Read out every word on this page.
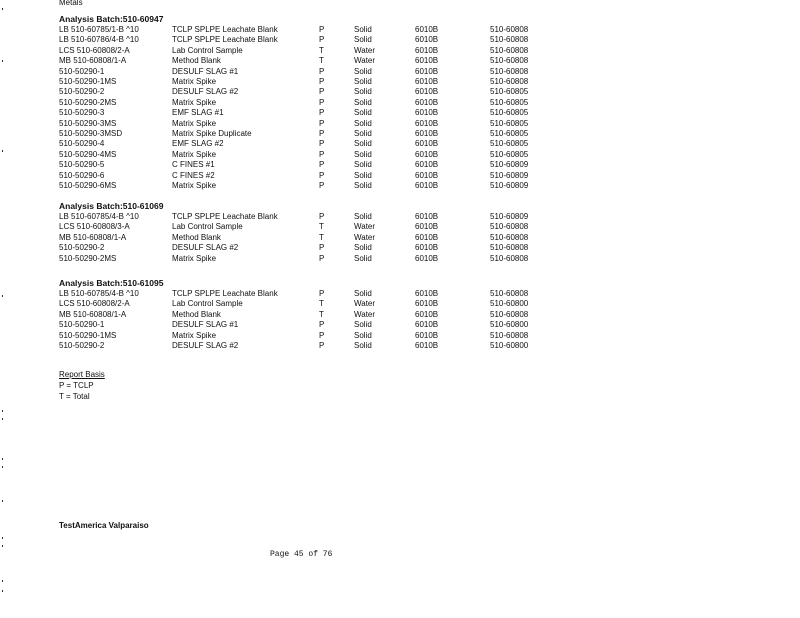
Metals
Analysis Batch:510-60947
LB 510-60785/1-B ^10	TCLP SPLPE Leachate Blank	P	Solid	6010B	510-60808
LB 510-60786/4-B ^10	TCLP SPLPE Leachate Blank	P	Solid	6010B	510-60808
LCS 510-60808/2-A	Lab Control Sample	T	Water	6010B	510-60808
MB 510-60808/1-A	Method Blank	T	Water	6010B	510-60808
510-50290-1	DESULF SLAG #1	P	Solid	6010B	510-60808
510-50290-1MS	Matrix Spike	P	Solid	6010B	510-60808
510-50290-2	DESULF SLAG #2	P	Solid	6010B	510-60805
510-50290-2MS	Matrix Spike	P	Solid	6010B	510-60805
510-50290-3	EMF SLAG #1	P	Solid	6010B	510-60805
510-50290-3MS	Matrix Spike	P	Solid	6010B	510-60805
510-50290-3MSD	Matrix Spike Duplicate	P	Solid	6010B	510-60805
510-50290-4	EMF SLAG #2	P	Solid	6010B	510-60805
510-50290-4MS	Matrix Spike	P	Solid	6010B	510-60805
510-50290-5	C FINES #1	P	Solid	6010B	510-60809
510-50290-6	C FINES #2	P	Solid	6010B	510-60809
510-50290-6MS	Matrix Spike	P	Solid	6010B	510-60809
Analysis Batch:510-61069
LB 510-60785/4-B ^10	TCLP SPLPE Leachate Blank	P	Solid	6010B	510-60809
LCS 510-60808/3-A	Lab Control Sample	T	Water	6010B	510-60808
MB 510-60808/1-A	Method Blank	T	Water	6010B	510-60808
510-50290-2	DESULF SLAG #2	P	Solid	6010B	510-60808
510-50290-2MS	Matrix Spike	P	Solid	6010B	510-60808
Analysis Batch:510-61095
LB 510-60785/4-B ^10	TCLP SPLPE Leachate Blank	P	Solid	6010B	510-60808
LCS 510-60808/2-A	Lab Control Sample	T	Water	6010B	510-60800
MB 510-60808/1-A	Method Blank	T	Water	6010B	510-60808
510-50290-1	DESULF SLAG #1	P	Solid	6010B	510-60800
510-50290-1MS	Matrix Spike	P	Solid	6010B	510-60808
510-50290-2	DESULF SLAG #2	P	Solid	6010B	510-60800
Report Basis
P = TCLP
T = Total
TestAmerica Valparaiso
Page 45 of 76
